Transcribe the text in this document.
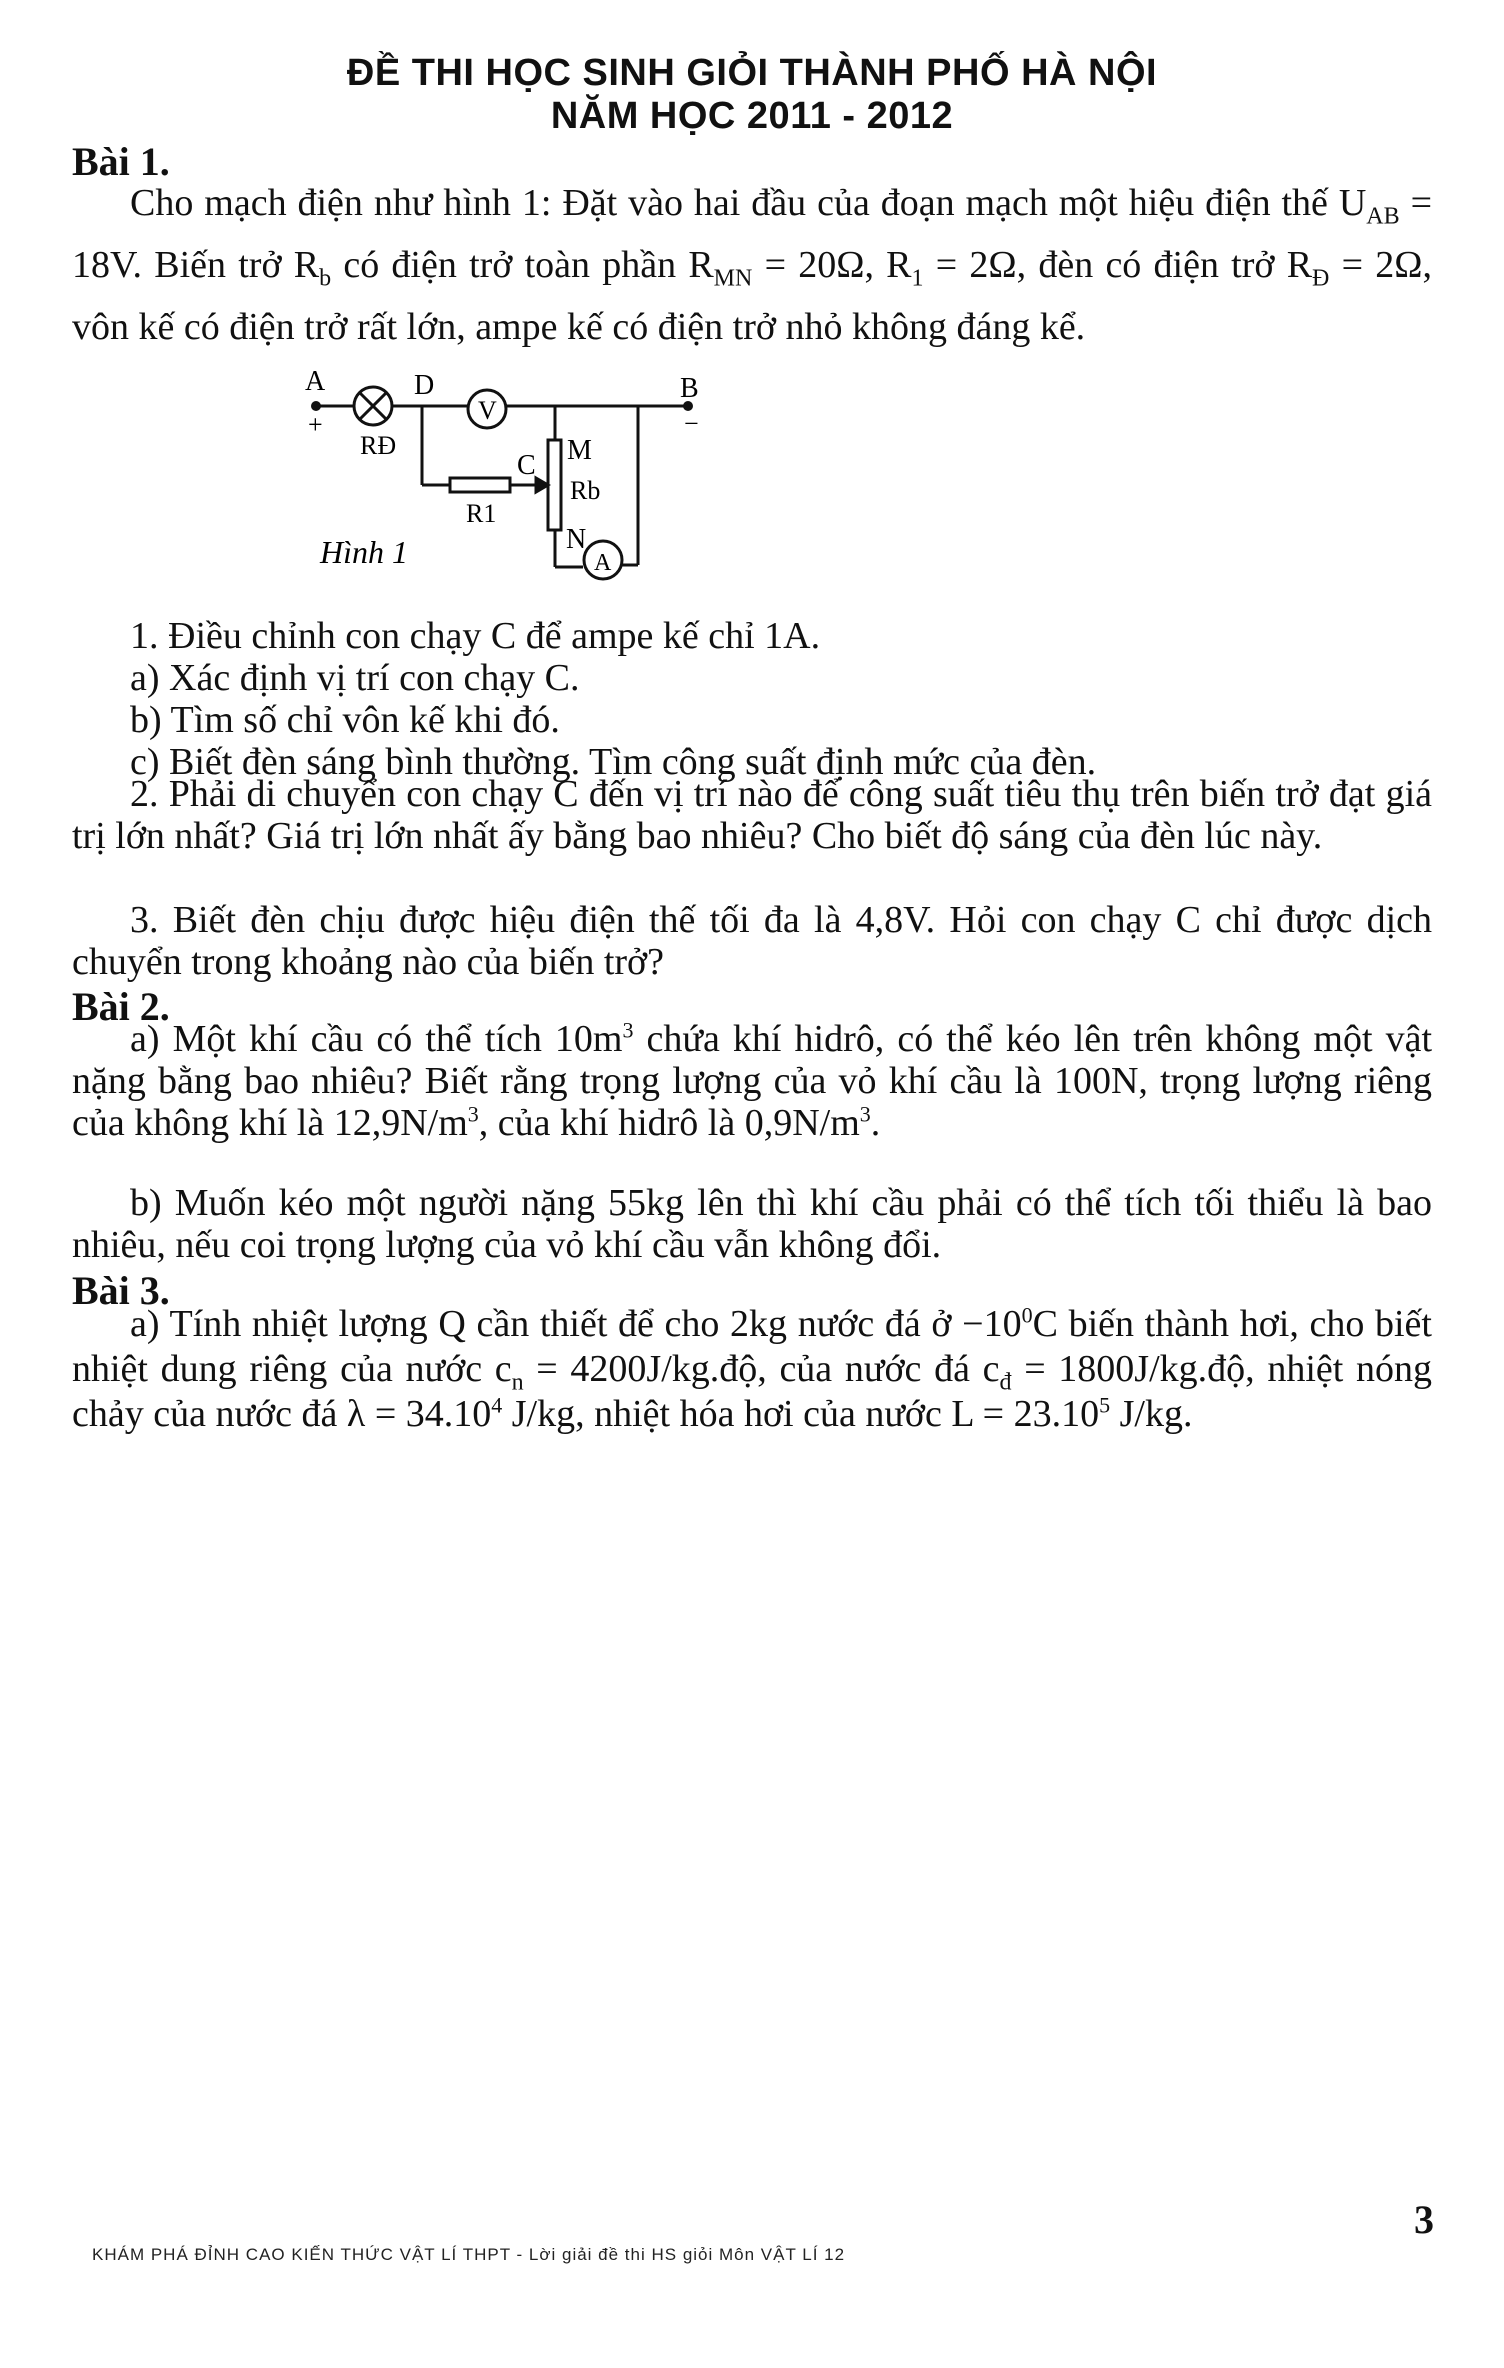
ĐỀ THI HỌC SINH GIỎI THÀNH PHỐ HÀ NỘI
NĂM HỌC 2011 - 2012
Bài 1.
Cho mạch điện như hình 1: Đặt vào hai đầu của đoạn mạch một hiệu điện thế $U_{AB} = 18V$. Biến trở $R_b$ có điện trở toàn phần $R_{MN} = 20\Omega$, $R_1 = 2\Omega$, đèn có điện trở $R_Đ = 2\Omega$, vôn kế có điện trở rất lớn, ampe kế có điện trở nhỏ không đáng kể.
A
+
D
V
B
−
RĐ
C M
Rb
R1
N
A
Hình 1
1. Điều chỉnh con chạy C để ampe kế chỉ 1A.
a) Xác định vị trí con chạy C.
b) Tìm số chỉ vôn kế khi đó.
c) Biết đèn sáng bình thường. Tìm công suất định mức của đèn.
2. Phải di chuyển con chạy C đến vị trí nào để công suất tiêu thụ trên biến trở đạt giá trị lớn nhất? Giá trị lớn nhất ấy bằng bao nhiêu? Cho biết độ sáng của đèn lúc này.
3. Biết đèn chịu được hiệu điện thế tối đa là 4,8V. Hỏi con chạy C chỉ được dịch chuyển trong khoảng nào của biến trở?
Bài 2.
a) Một khí cầu có thể tích $10m^3$ chứa khí hidrô, có thể kéo lên trên không một vật nặng bằng bao nhiêu? Biết rằng trọng lượng của vỏ khí cầu là 100N, trọng lượng riêng của không khí là $12,9N/m^3$, của khí hidrô là $0,9N/m^3$.
b) Muốn kéo một người nặng 55kg lên thì khí cầu phải có thể tích tối thiểu là bao nhiêu, nếu coi trọng lượng của vỏ khí cầu vẫn không đổi.
Bài 3.
a) Tính nhiệt lượng Q cần thiết để cho 2kg nước đá ở $-10^0C$ biến thành hơi, cho biết nhiệt dung riêng của nước $c_n$ = 4200J/kg.độ, của nước đá $c_đ$ = 1800J/kg.độ, nhiệt nóng chảy của nước đá $\lambda = 34.10^4$ J/kg, nhiệt hóa hơi của nước $L = 23.10^5$ J/kg.
KHÁM PHÁ ĐỈNH CAO KIẾN THỨC VẬT LÍ THPT - Lời giải đề thi HS giỏi Môn VẬT LÍ 12
3
